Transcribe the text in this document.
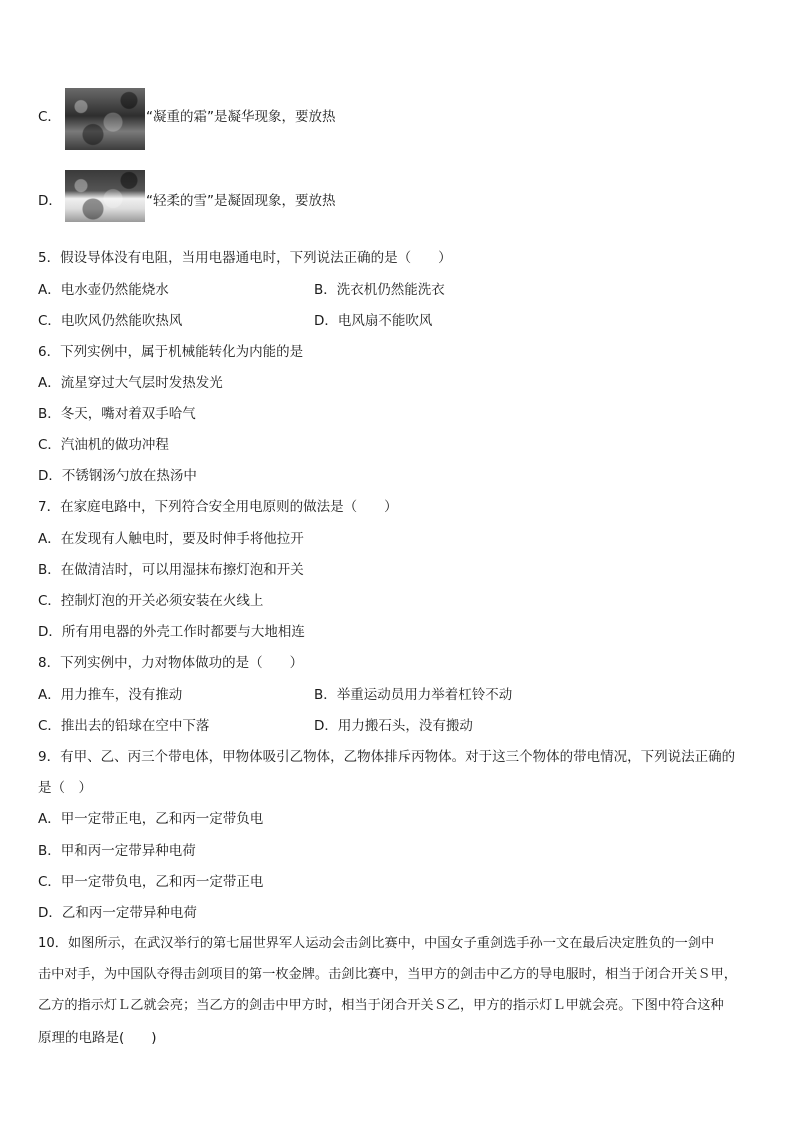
C．	“凝重的霜”是凝华现象，要放热
D．	“轻柔的雪”是凝固现象，要放热
5．假设导体没有电阻，当用电器通电时，下列说法正确的是（　　）
A．电水壶仍然能烧水	B．洗衣机仍然能洗衣
C．电吹风仍然能吹热风	D．电风扇不能吹风
6．下列实例中，属于机械能转化为内能的是
A．流星穿过大气层时发热发光
B．冬天，嘴对着双手哈气
C．汽油机的做功冲程
D．不锈钢汤勺放在热汤中
7．在家庭电路中，下列符合安全用电原则的做法是（　　）
A．在发现有人触电时，要及时伸手将他拉开
B．在做清洁时，可以用湿抹布擦灯泡和开关
C．控制灯泡的开关必须安装在火线上
D．所有用电器的外壳工作时都要与大地相连
8．下列实例中，力对物体做功的是（　　）
A．用力推车，没有推动	B．举重运动员用力举着杠铃不动
C．推出去的铅球在空中下落	D．用力搬石头，没有搬动
9．有甲、乙、丙三个带电体，甲物体吸引乙物体，乙物体排斥丙物体。对于这三个物体的带电情况，下列说法正确的
是（　）
A．甲一定带正电，乙和丙一定带负电
B．甲和丙一定带异种电荷
C．甲一定带负电，乙和丙一定带正电
D．乙和丙一定带异种电荷
10．如图所示，在武汉举行的第七届世界军人运动会击剑比赛中，中国女子重剑选手孙一文在最后决定胜负的一剑中
击中对手，为中国队夺得击剑项目的第一枚金牌。击剑比赛中，当甲方的剑击中乙方的导电服时，相当于闭合开关Ｓ甲，
乙方的指示灯Ｌ乙就会亮；当乙方的剑击中甲方时，相当于闭合开关Ｓ乙，甲方的指示灯Ｌ甲就会亮。下图中符合这种
原理的电路是(　　)
